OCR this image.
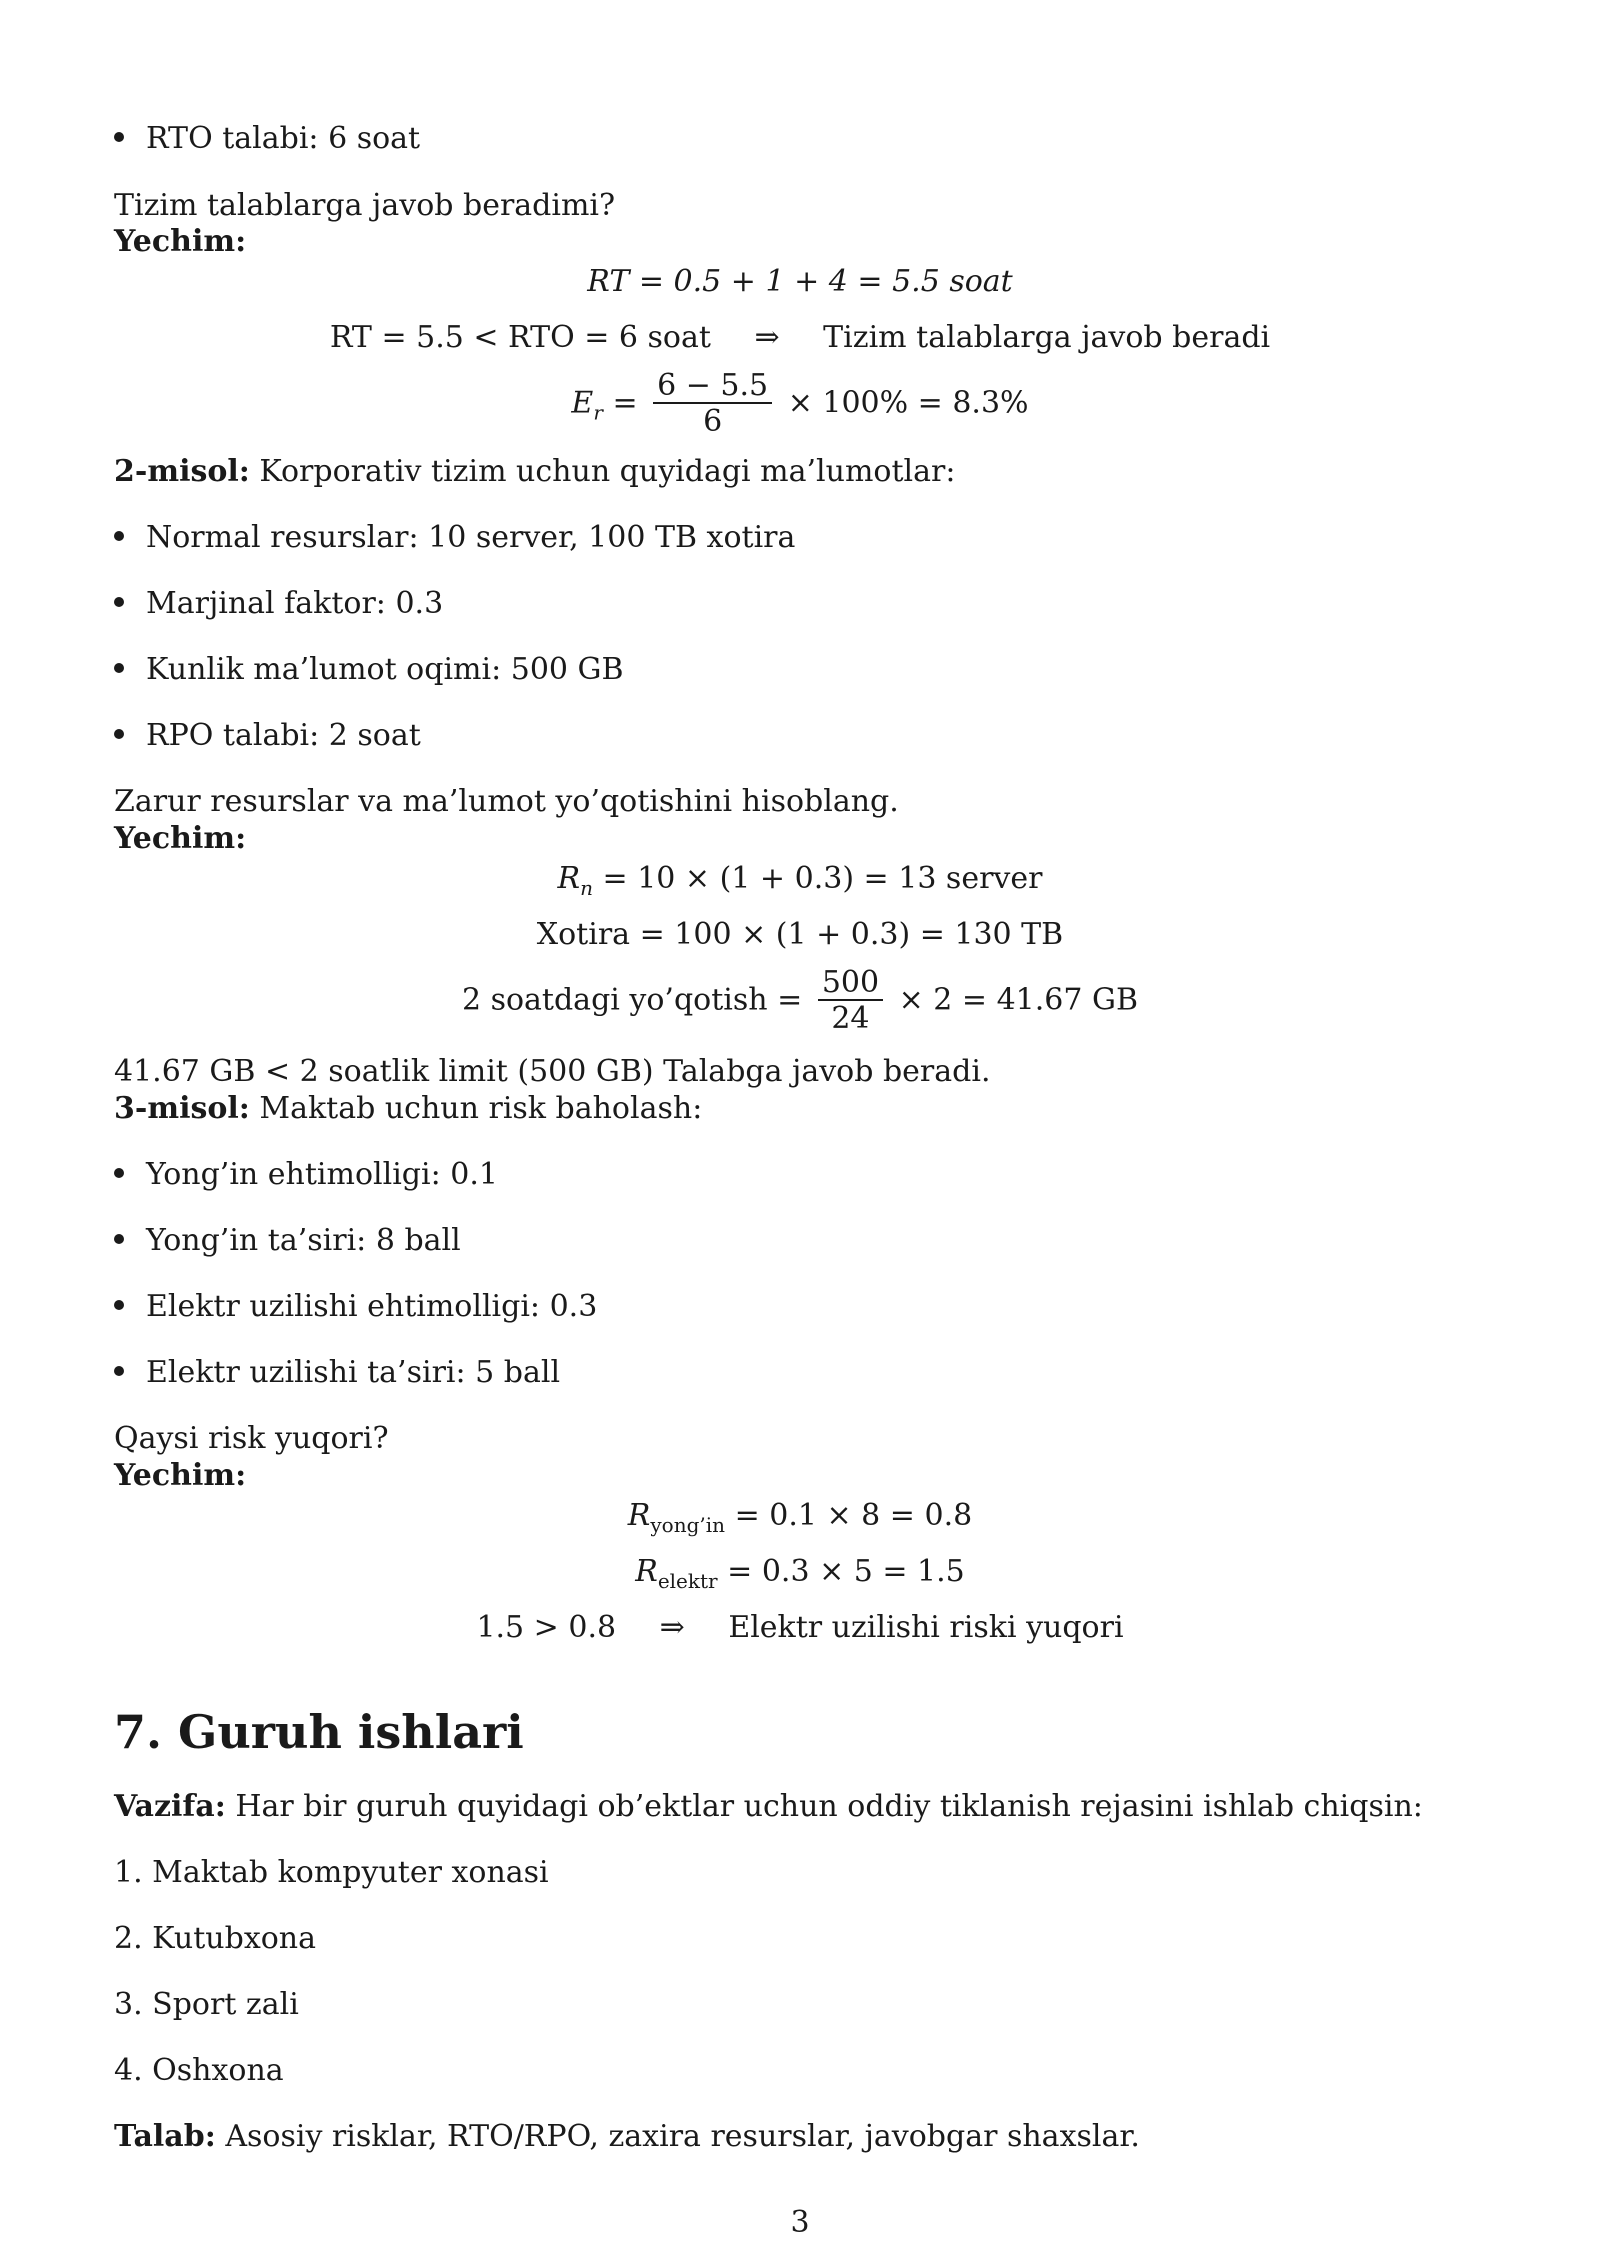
RTO talabi: 6 soat
Tizim talablarga javob beradimi?
Yechim:
RT = 0.5 + 1 + 4 = 5.5 soat
RT = 5.5 < RTO = 6 soat ⇒ Tizim talablarga javob beradi
$E_r = \frac{6 - 5.5}{6} \times 100\% = 8.3\%$
2-misol: Korporativ tizim uchun quyidagi ma’lumotlar:
Normal resurslar: 10 server, 100 TB xotira
Marjinal faktor: 0.3
Kunlik ma’lumot oqimi: 500 GB
RPO talabi: 2 soat
Zarur resurslar va ma’lumot yo’qotishini hisoblang.
Yechim:
$R_n = 10 \times (1 + 0.3) = 13$ server
Xotira = 100 × (1 + 0.3) = 130 TB
2 soatdagi yo’qotish = $\frac{500}{24} \times 2 = 41.67$ GB
41.67 GB < 2 soatlik limit (500 GB) Talabga javob beradi.
3-misol: Maktab uchun risk baholash:
Yong’in ehtimolligi: 0.1
Yong’in ta’siri: 8 ball
Elektr uzilishi ehtimolligi: 0.3
Elektr uzilishi ta’siri: 5 ball
Qaysi risk yuqori?
Yechim:
$R_{yong’in} = 0.1 \times 8 = 0.8$
$R_{elektr} = 0.3 \times 5 = 1.5$
1.5 > 0.8 ⇒ Elektr uzilishi riski yuqori
7. Guruh ishlari
Vazifa: Har bir guruh quyidagi ob’ektlar uchun oddiy tiklanish rejasini ishlab chiqsin:
1. Maktab kompyuter xonasi
2. Kutubxona
3. Sport zali
4. Oshxona
Talab: Asosiy risklar, RTO/RPO, zaxira resurslar, javobgar shaxslar.
3
